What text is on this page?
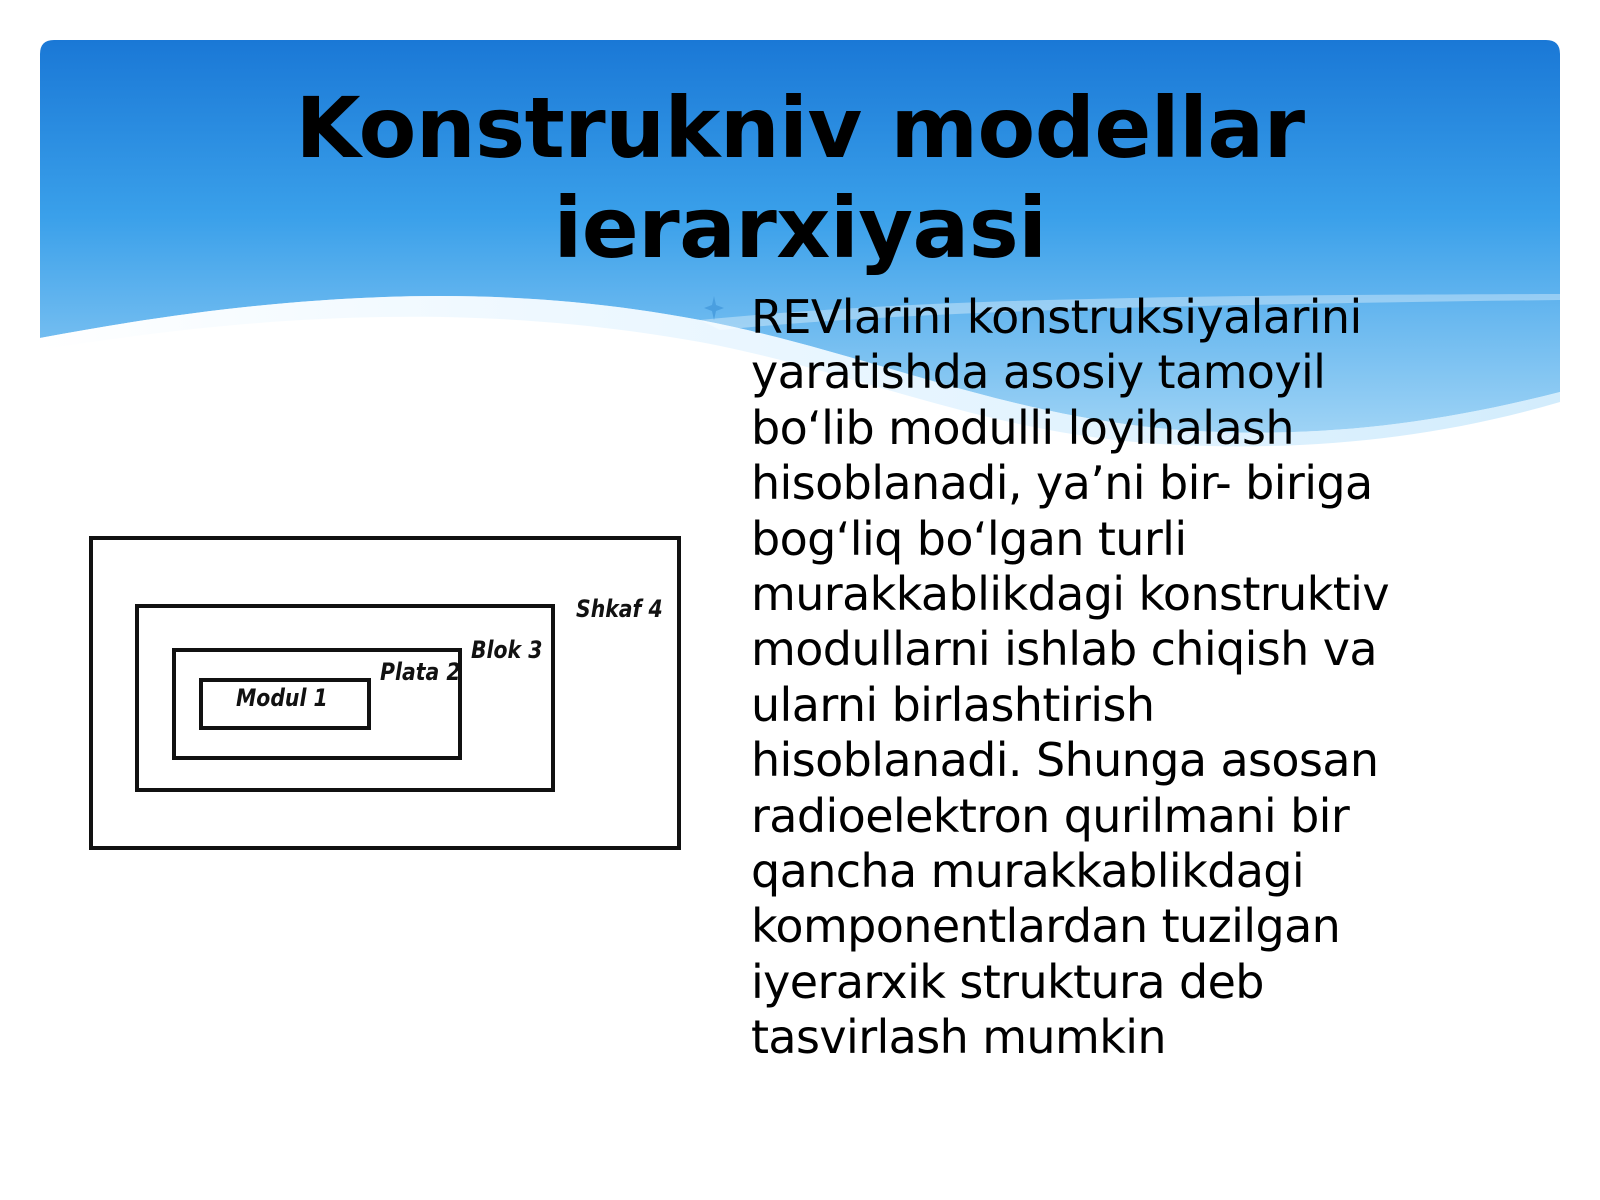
Konstrukniv modellar
ierarxiyasi

REVlarini konstruksiyalarini
yaratishda asosiy tamoyil
bo‘lib modulli loyihalash
hisoblanadi, ya’ni bir- biriga
bog‘liq bo‘lgan turli
murakkablikdagi konstruktiv
modullarni ishlab chiqish va
ularni birlashtirish
hisoblanadi. Shunga asosan
radioelektron qurilmani bir
qancha murakkablikdagi
komponentlardan tuzilgan
iyerarxik struktura deb
tasvirlash mumkin

Shkaf 4
Blok 3
Plata 2
Modul 1
